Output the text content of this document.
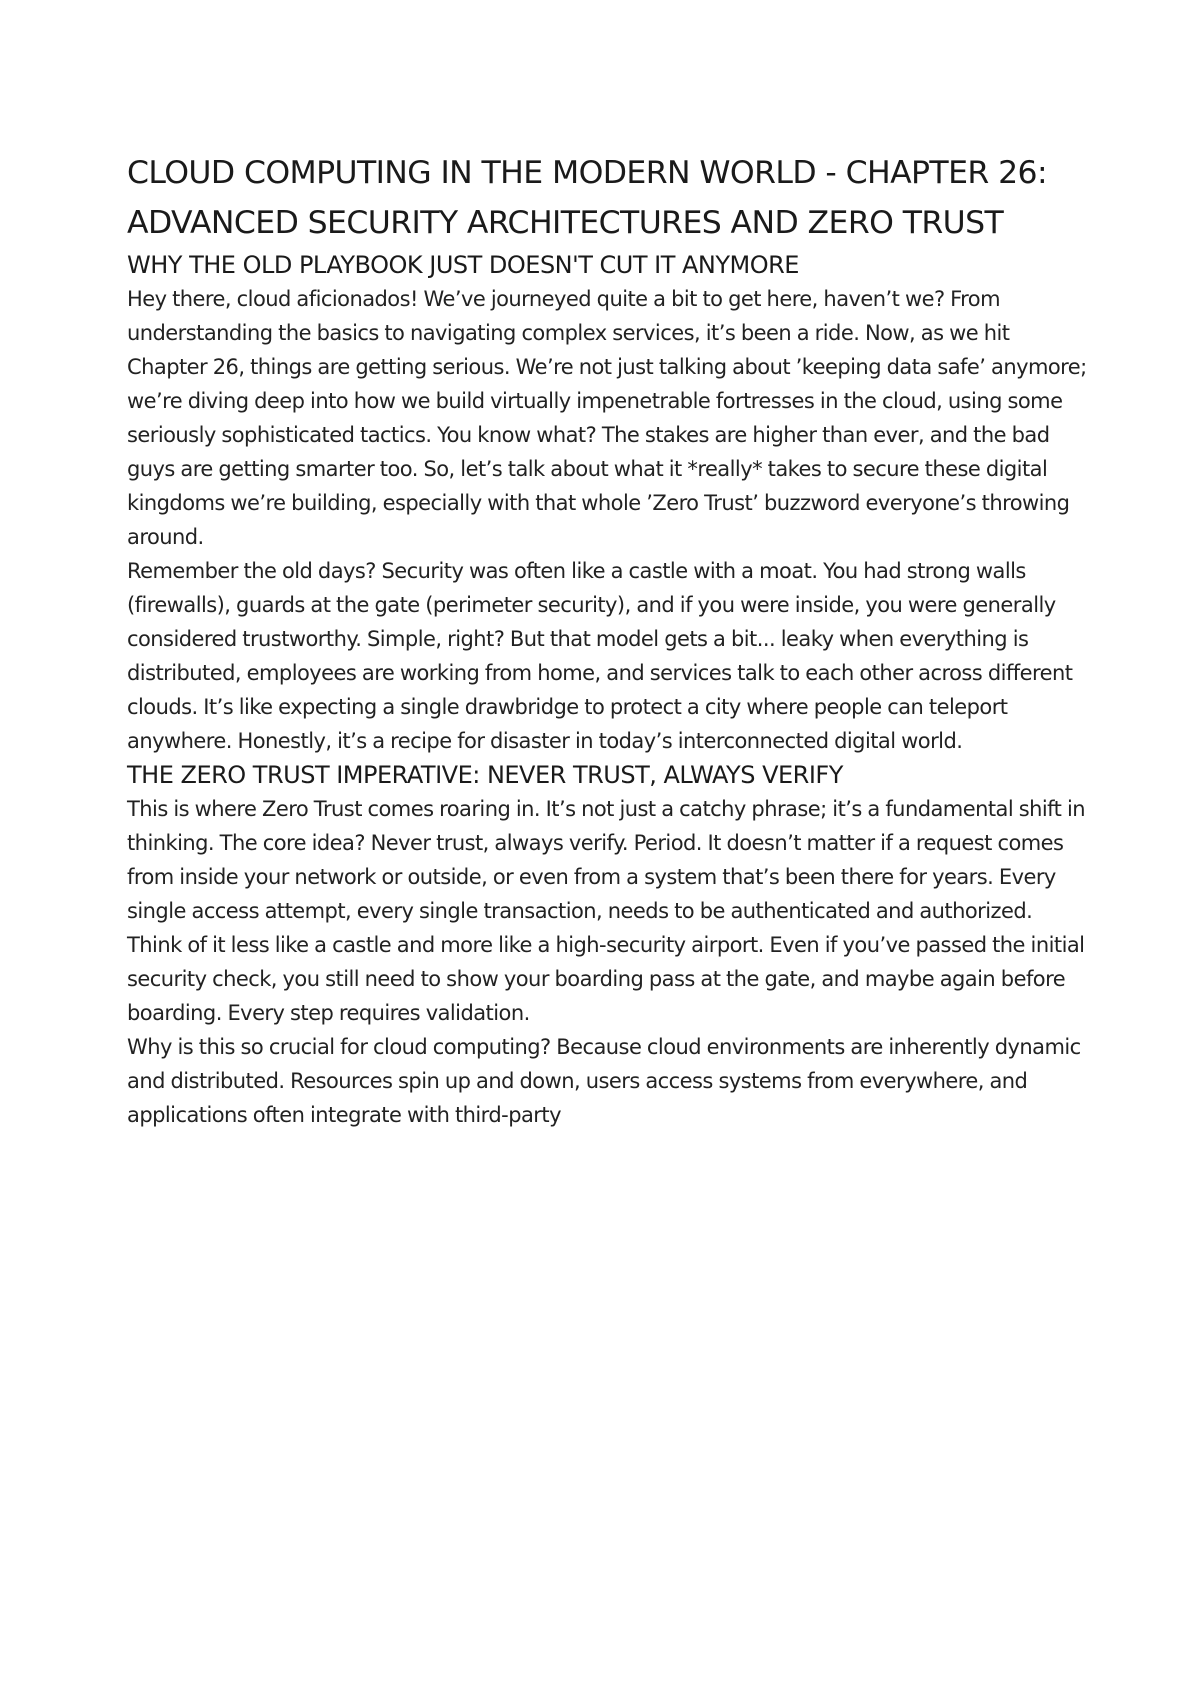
CLOUD COMPUTING IN THE MODERN WORLD - CHAPTER 26: ADVANCED SECURITY ARCHITECTURES AND ZERO TRUST
WHY THE OLD PLAYBOOK JUST DOESN'T CUT IT ANYMORE

Hey there, cloud aficionados! We’ve journeyed quite a bit to get here, haven’t we? From understanding the basics to navigating complex services, it’s been a ride. Now, as we hit Chapter 26, things are getting serious. We’re not just talking about ’keeping data safe’ anymore; we’re diving deep into how we build virtually impenetrable fortresses in the cloud, using some seriously sophisticated tactics. You know what? The stakes are higher than ever, and the bad guys are getting smarter too. So, let’s talk about what it *really* takes to secure these digital kingdoms we’re building, especially with that whole ’Zero Trust’ buzzword everyone’s throwing around.

Remember the old days? Security was often like a castle with a moat. You had strong walls (firewalls), guards at the gate (perimeter security), and if you were inside, you were generally considered trustworthy. Simple, right? But that model gets a bit... leaky when everything is distributed, employees are working from home, and services talk to each other across different clouds. It’s like expecting a single drawbridge to protect a city where people can teleport anywhere. Honestly, it’s a recipe for disaster in today’s interconnected digital world.

THE ZERO TRUST IMPERATIVE: NEVER TRUST, ALWAYS VERIFY

This is where Zero Trust comes roaring in. It’s not just a catchy phrase; it’s a fundamental shift in thinking. The core idea? Never trust, always verify. Period. It doesn’t matter if a request comes from inside your network or outside, or even from a system that’s been there for years. Every single access attempt, every single transaction, needs to be authenticated and authorized. Think of it less like a castle and more like a high-security airport. Even if you’ve passed the initial security check, you still need to show your boarding pass at the gate, and maybe again before boarding. Every step requires validation.

Why is this so crucial for cloud computing? Because cloud environments are inherently dynamic and distributed. Resources spin up and down, users access systems from everywhere, and applications often integrate with third-party
